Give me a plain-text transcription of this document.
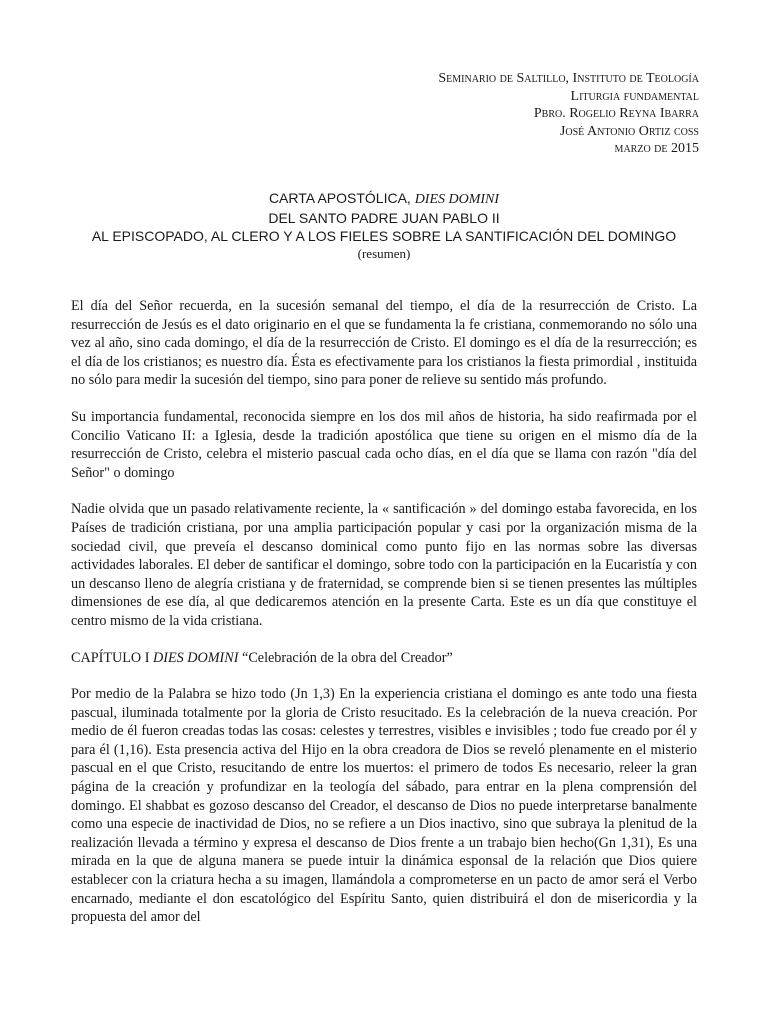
Seminario de Saltillo, Instituto de Teología
Liturgia fundamental
Pbro. Rogelio Reyna Ibarra
José Antonio Ortiz coss
marzo de 2015
CARTA APOSTÓLICA, DIES DOMINI
DEL SANTO PADRE JUAN PABLO II
AL EPISCOPADO, AL CLERO Y A LOS FIELES SOBRE LA SANTIFICACIÓN DEL DOMINGO
(resumen)

El día del Señor recuerda, en la sucesión semanal del tiempo, el día de la resurrección de Cristo. La resurrección de Jesús es el dato originario en el que se fundamenta la fe cristiana, conmemorando no sólo una vez al año, sino cada domingo, el día de la resurrección de Cristo. El domingo es el día de la resurrección; es el día de los cristianos; es nuestro día. Ésta es efectivamente para los cristianos la fiesta primordial , instituida no sólo para medir la sucesión del tiempo, sino para poner de relieve su sentido más profundo.

Su importancia fundamental, reconocida siempre en los dos mil años de historia, ha sido reafirmada por el Concilio Vaticano II: a Iglesia, desde la tradición apostólica que tiene su origen en el mismo día de la resurrección de Cristo, celebra el misterio pascual cada ocho días, en el día que se llama con razón "día del Señor" o domingo

Nadie olvida que un pasado relativamente reciente, la « santificación » del domingo estaba favorecida, en los Países de tradición cristiana, por una amplia participación popular y casi por la organización misma de la sociedad civil, que preveía el descanso dominical como punto fijo en las normas sobre las diversas actividades laborales. El deber de santificar el domingo, sobre todo con la participación en la Eucaristía y con un descanso lleno de alegría cristiana y de fraternidad, se comprende bien si se tienen presentes las múltiples dimensiones de ese día, al que dedicaremos atención en la presente Carta. Este es un día que constituye el centro mismo de la vida cristiana.

CAPÍTULO I DIES DOMINI “Celebración de la obra del Creador”

Por medio de la Palabra se hizo todo (Jn 1,3) En la experiencia cristiana el domingo es ante todo una fiesta pascual, iluminada totalmente por la gloria de Cristo resucitado. Es la celebración de la nueva creación. Por medio de él fueron creadas todas las cosas: celestes y terrestres, visibles e invisibles ; todo fue creado por él y para él (1,16). Esta presencia activa del Hijo en la obra creadora de Dios se reveló plenamente en el misterio pascual en el que Cristo, resucitando de entre los muertos: el primero de todos Es necesario, releer la gran página de la creación y profundizar en la teología del sábado, para entrar en la plena comprensión del domingo. El shabbat es gozoso descanso del Creador, el descanso de Dios no puede interpretarse banalmente como una especie de inactividad de Dios, no se refiere a un Dios inactivo, sino que subraya la plenitud de la realización llevada a término y expresa el descanso de Dios frente a un trabajo bien hecho(Gn 1,31), Es una mirada en la que de alguna manera se puede intuir la dinámica esponsal de la relación que Dios quiere establecer con la criatura hecha a su imagen, llamándola a comprometerse en un pacto de amor será el Verbo encarnado, mediante el don escatológico del Espíritu Santo, quien distribuirá el don de misericordia y la propuesta del amor del
